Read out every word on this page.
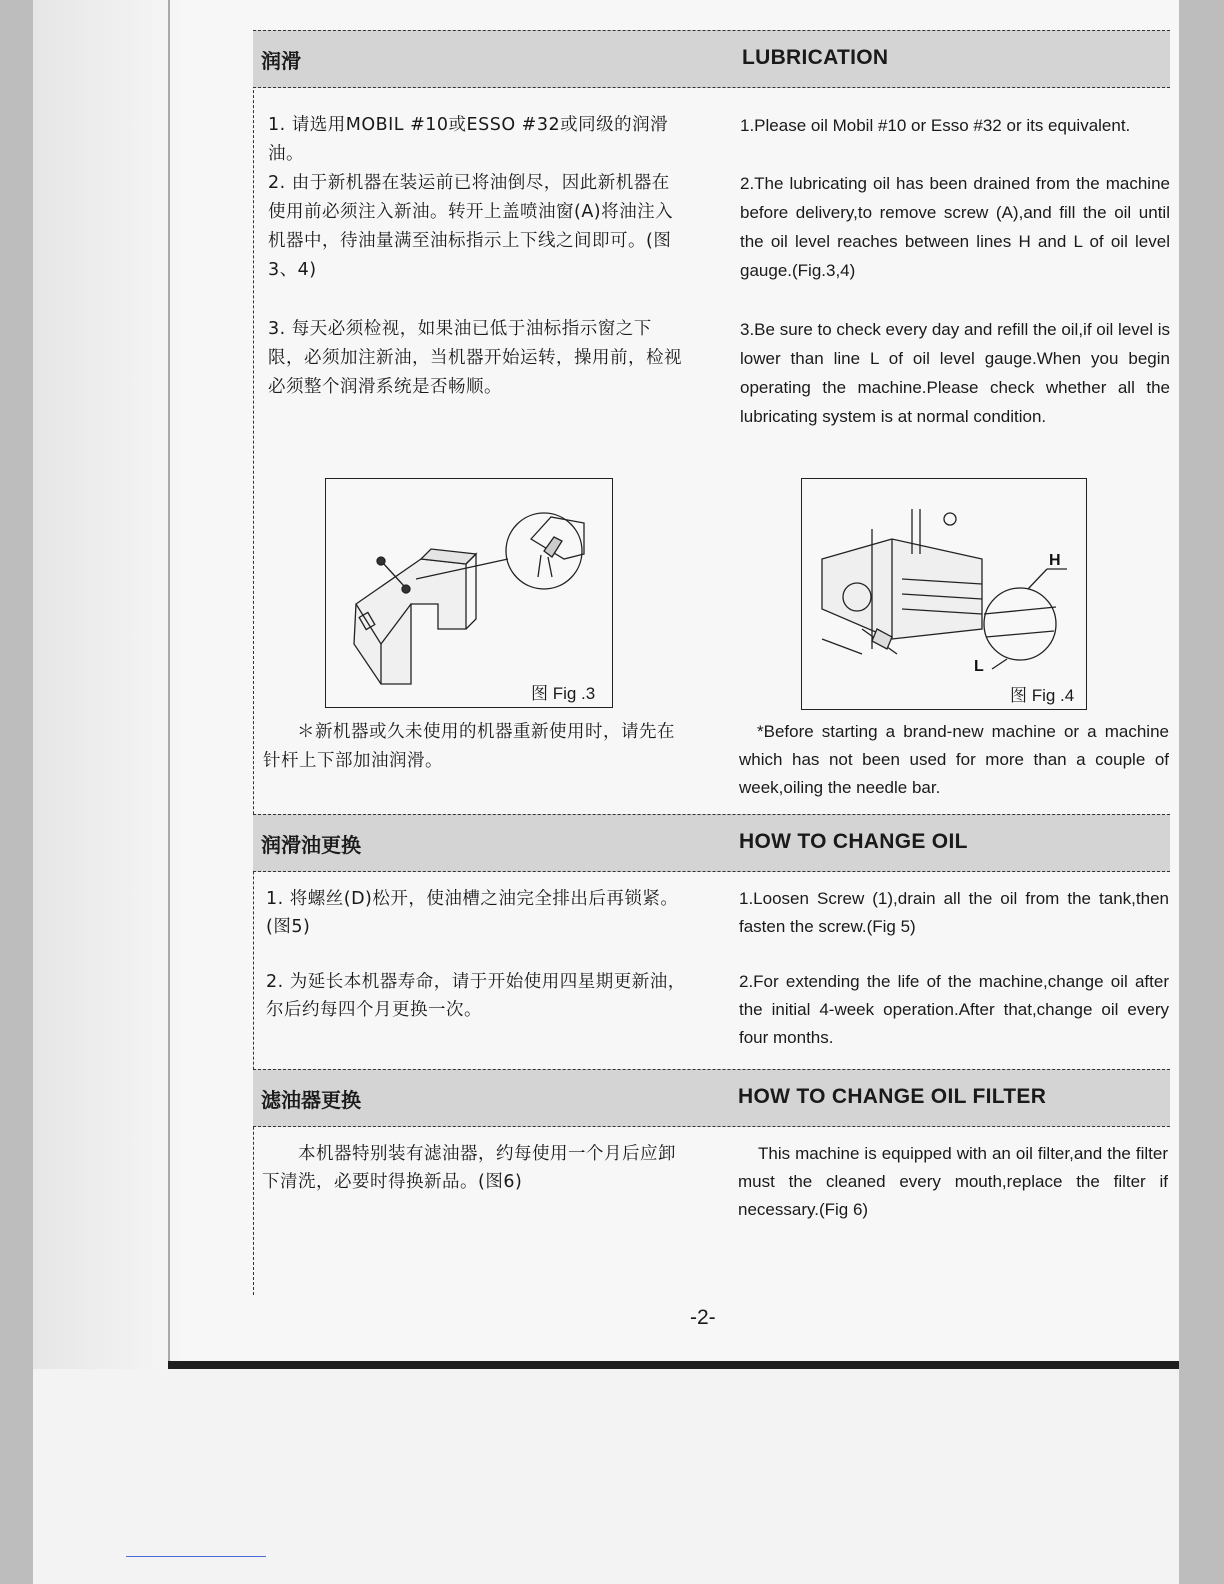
润滑	LUBRICATION
1. 请选用MOBIL #10或ESSO #32或同级的润滑油。
2. 由于新机器在装运前已将油倒尽，因此新机器在使用前必须注入新油。转开上盖喷油窗(A)将油注入机器中，待油量满至油标指示上下线之间即可。(图3、4)
3. 每天必须检视，如果油已低于油标指示窗之下限，必须加注新油，当机器开始运转，操用前，检视必须整个润滑系统是否畅顺。
1.Please oil Mobil #10 or Esso #32 or its equivalent.
2.The lubricating oil has been drained from the machine before delivery,to remove screw (A),and fill the oil until the oil level reaches between lines H and L of oil level gauge.(Fig.3,4)
3.Be sure to check every day and refill the oil,if oil level is lower than line L of oil level gauge.When you begin operating the machine.Please check whether all the lubricating system is at normal condition.
图 Fig .3
H
L
图 Fig .4
＊新机器或久未使用的机器重新使用时，请先在针杆上下部加油润滑。
*Before starting a brand-new machine or a machine which has not been used for more than a couple of week,oiling the needle bar.
润滑油更换	HOW TO CHANGE OIL
1. 将螺丝(D)松开，使油槽之油完全排出后再锁紧。(图5)
2. 为延长本机器寿命，请于开始使用四星期更新油，尔后约每四个月更换一次。
1.Loosen Screw (1),drain all the oil from the tank,then fasten the screw.(Fig 5)
2.For extending the life of the machine,change oil after the initial 4-week operation.After that,change oil every four months.
滤油器更换	HOW TO CHANGE OIL FILTER
本机器特别装有滤油器，约每使用一个月后应卸下清洗，必要时得换新品。(图6)
This machine is equipped with an oil filter,and the filter must the cleaned every mouth,replace the filter if necessary.(Fig 6)
-2-
